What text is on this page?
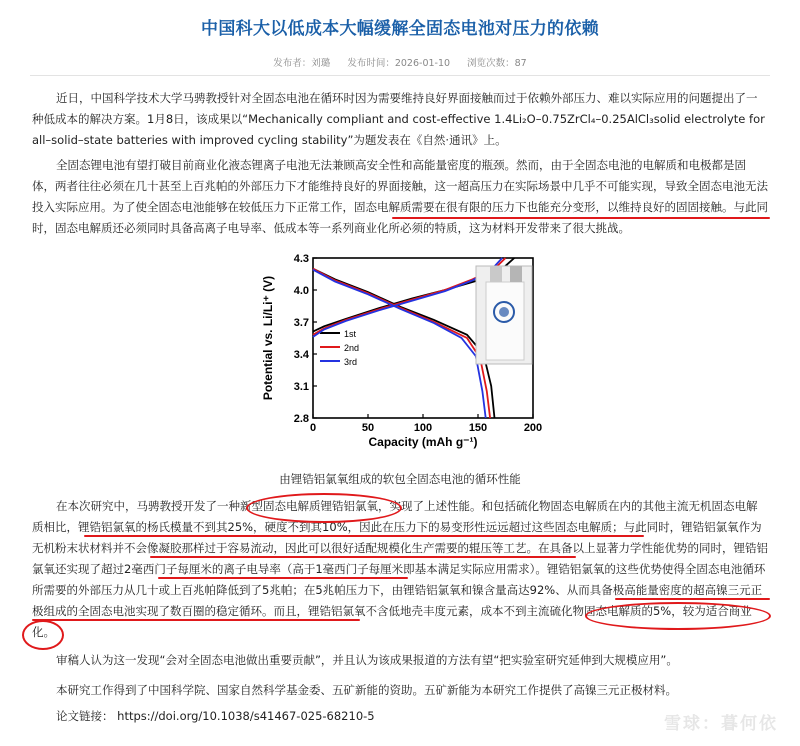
中国科大以低成本大幅缓解全固态电池对压力的依赖
发布者：刘璐 发布时间：2026-01-10 浏览次数：87

近日，中国科学技术大学马骋教授针对全固态电池在循环时因为需要维持良好界面接触而过于依赖外部压力、难以实际应用的问题提出了一种低成本的解决方案。1月8日，该成果以“Mechanically compliant and cost-effective 1.4Li₂O–0.75ZrCl₄–0.25AlCl₃solid electrolyte for all–solid–state batteries with improved cycling stability”为题发表在《自然·通讯》上。

全固态锂电池有望打破目前商业化液态锂离子电池无法兼顾高安全性和高能量密度的瓶颈。然而，由于全固态电池的电解质和电极都是固体，两者往往必须在几十甚至上百兆帕的外部压力下才能维持良好的界面接触，这一超高压力在实际场景中几乎不可能实现，导致全固态电池无法投入实际应用。为了使全固态电池能够在较低压力下正常工作，固态电解质需要在很有限的压力下也能充分变形，以维持良好的固固接触。与此同时，固态电解质还必须同时具备高离子电导率、低成本等一系列商业化所必须的特质，这为材料开发带来了很大挑战。

0	50	100	150	200
2.8
3.1
3.4
3.7
4.0
4.3
Capacity (mAh g⁻¹)
Potential vs. Li/Li⁺ (V)	1st
2nd
3rd
由锂锆铝氯氧组成的软包全固态电池的循环性能

在本次研究中，马骋教授开发了一种新型固态电解质锂锆铝氯氧，实现了上述性能。和包括硫化物固态电解质在内的其他主流无机固态电解质相比，锂锆铝氯氧的杨氏模量不到其25%，硬度不到其10%，因此在压力下的易变形性远远超过这些固态电解质；与此同时，锂锆铝氯氧作为无机粉末状材料并不会像凝胶那样过于容易流动，因此可以很好适配规模化生产需要的辊压等工艺。在具备以上显著力学性能优势的同时，锂锆铝氯氧还实现了超过2毫西门子每厘米的离子电导率（高于1毫西门子每厘米即基本满足实际应用需求）。锂锆铝氯氧的这些优势使得全固态电池循环所需要的外部压力从几十或上百兆帕降低到了5兆帕；在5兆帕压力下，由锂锆铝氯氧和镍含量高达92%、从而具备极高能量密度的超高镍三元正极组成的全固态电池实现了数百圈的稳定循环。而且，锂锆铝氯氧不含低地壳丰度元素，成本不到主流硫化物固态电解质的5%，较为适合商业化。

审稿人认为这一发现“会对全固态电池做出重要贡献”，并且认为该成果报道的方法有望“把实验室研究延伸到大规模应用”。

本研究工作得到了中国科学院、国家自然科学基金委、五矿新能的资助。五矿新能为本研究工作提供了高镍三元正极材料。

论文链接： https://doi.org/10.1038/s41467-025-68210-5	雪球：暮何依
